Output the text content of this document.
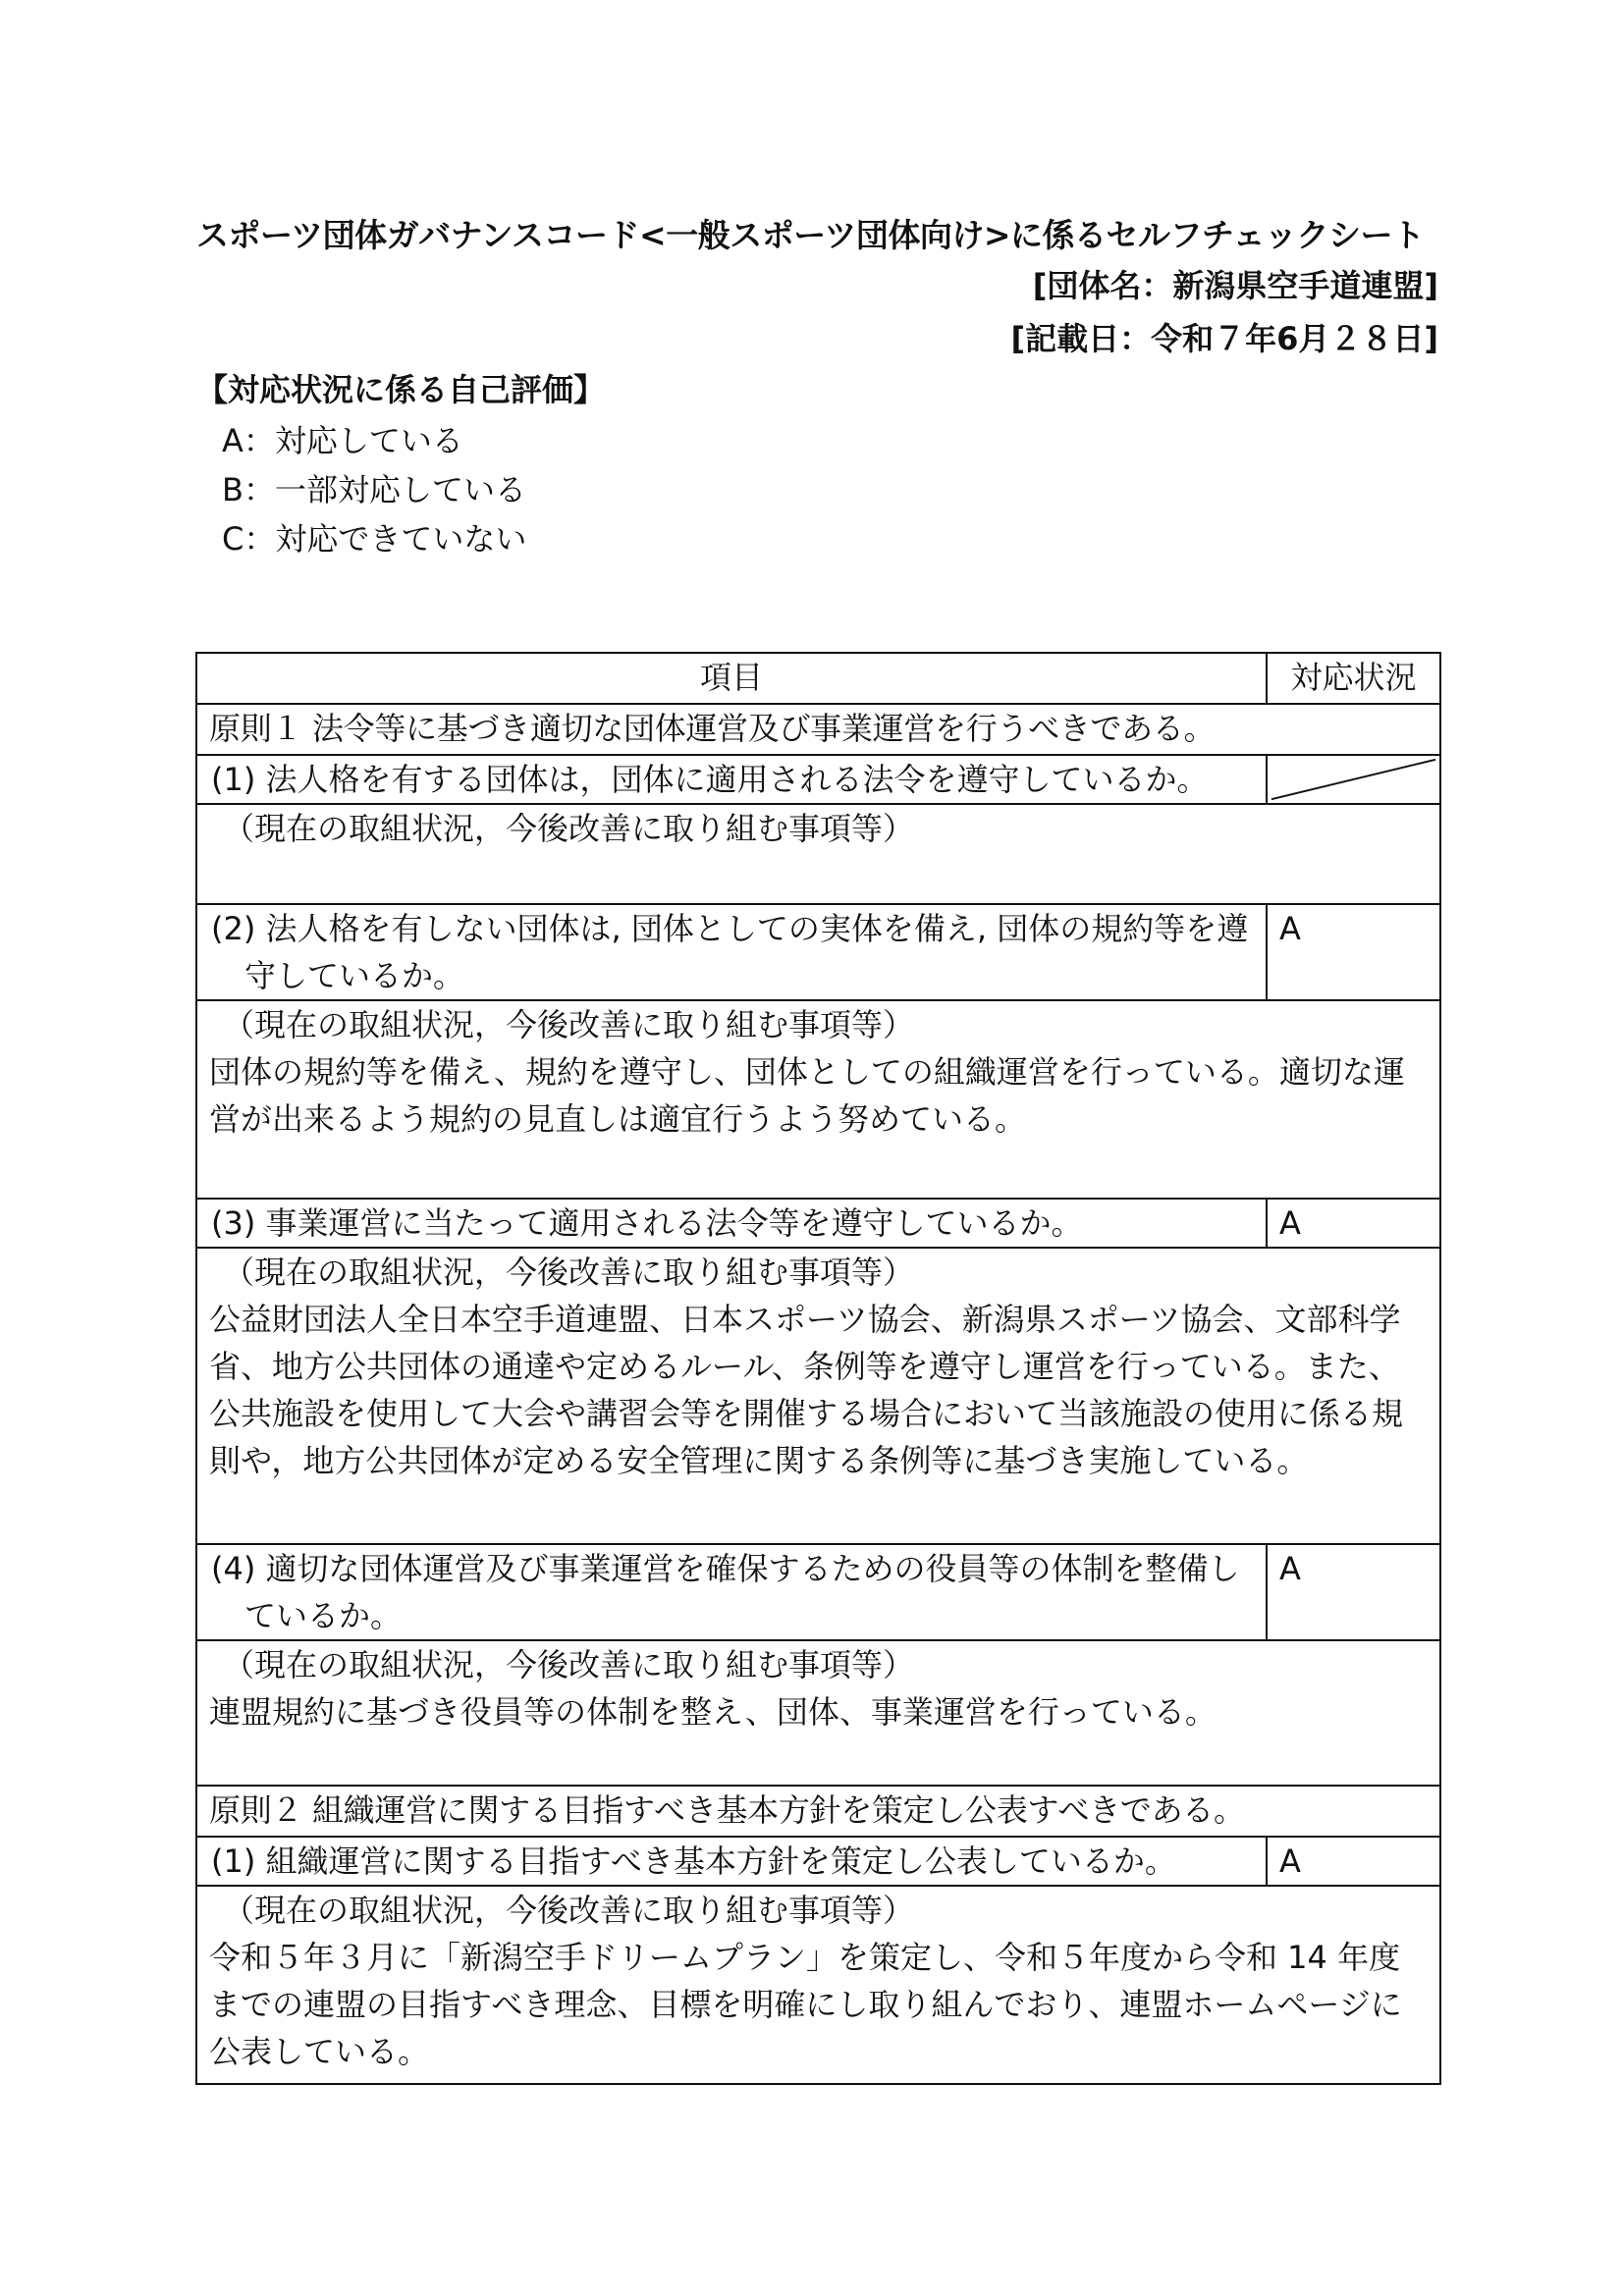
スポーツ団体ガバナンスコード<一般スポーツ団体向け>に係るセルフチェックシート
[団体名：新潟県空手道連盟]
[記載日：令和７年6月２８日]
【対応状況に係る自己評価】
A：対応している
B：一部対応している
C：対応できていない
項目	対応状況
原則１ 法令等に基づき適切な団体運営及び事業運営を行うべきである。	

(1) 法人格を有する団体は，団体に適用される法令を遵守しているか。

（現在の取組状況，今後改善に取り組む事項等）	

(2) 法人格を有しない団体は, 団体としての実体を備え, 団体の規約等を遵守しているか。	A

（現在の取組状況，今後改善に取り組む事項等）
団体の規約等を備え、規約を遵守し、団体としての組織運営を行っている。適切な運営が出来るよう規約の見直しは適宜行うよう努めている。	

(3) 事業運営に当たって適用される法令等を遵守しているか。	A

（現在の取組状況，今後改善に取り組む事項等）
公益財団法人全日本空手道連盟、日本スポーツ協会、新潟県スポーツ協会、文部科学省、地方公共団体の通達や定めるルール、条例等を遵守し運営を行っている。また、公共施設を使用して大会や講習会等を開催する場合において当該施設の使用に係る規則や，地方公共団体が定める安全管理に関する条例等に基づき実施している。	

(4) 適切な団体運営及び事業運営を確保するための役員等の体制を整備しているか。	A

（現在の取組状況，今後改善に取り組む事項等）
連盟規約に基づき役員等の体制を整え、団体、事業運営を行っている。	

原則２ 組織運営に関する目指すべき基本方針を策定し公表すべきである。	

(1) 組織運営に関する目指すべき基本方針を策定し公表しているか。	A

（現在の取組状況，今後改善に取り組む事項等）
令和５年３月に「新潟空手ドリームプラン」を策定し、令和５年度から令和 14 年度までの連盟の目指すべき理念、目標を明確にし取り組んでおり、連盟ホームページに公表している。	
